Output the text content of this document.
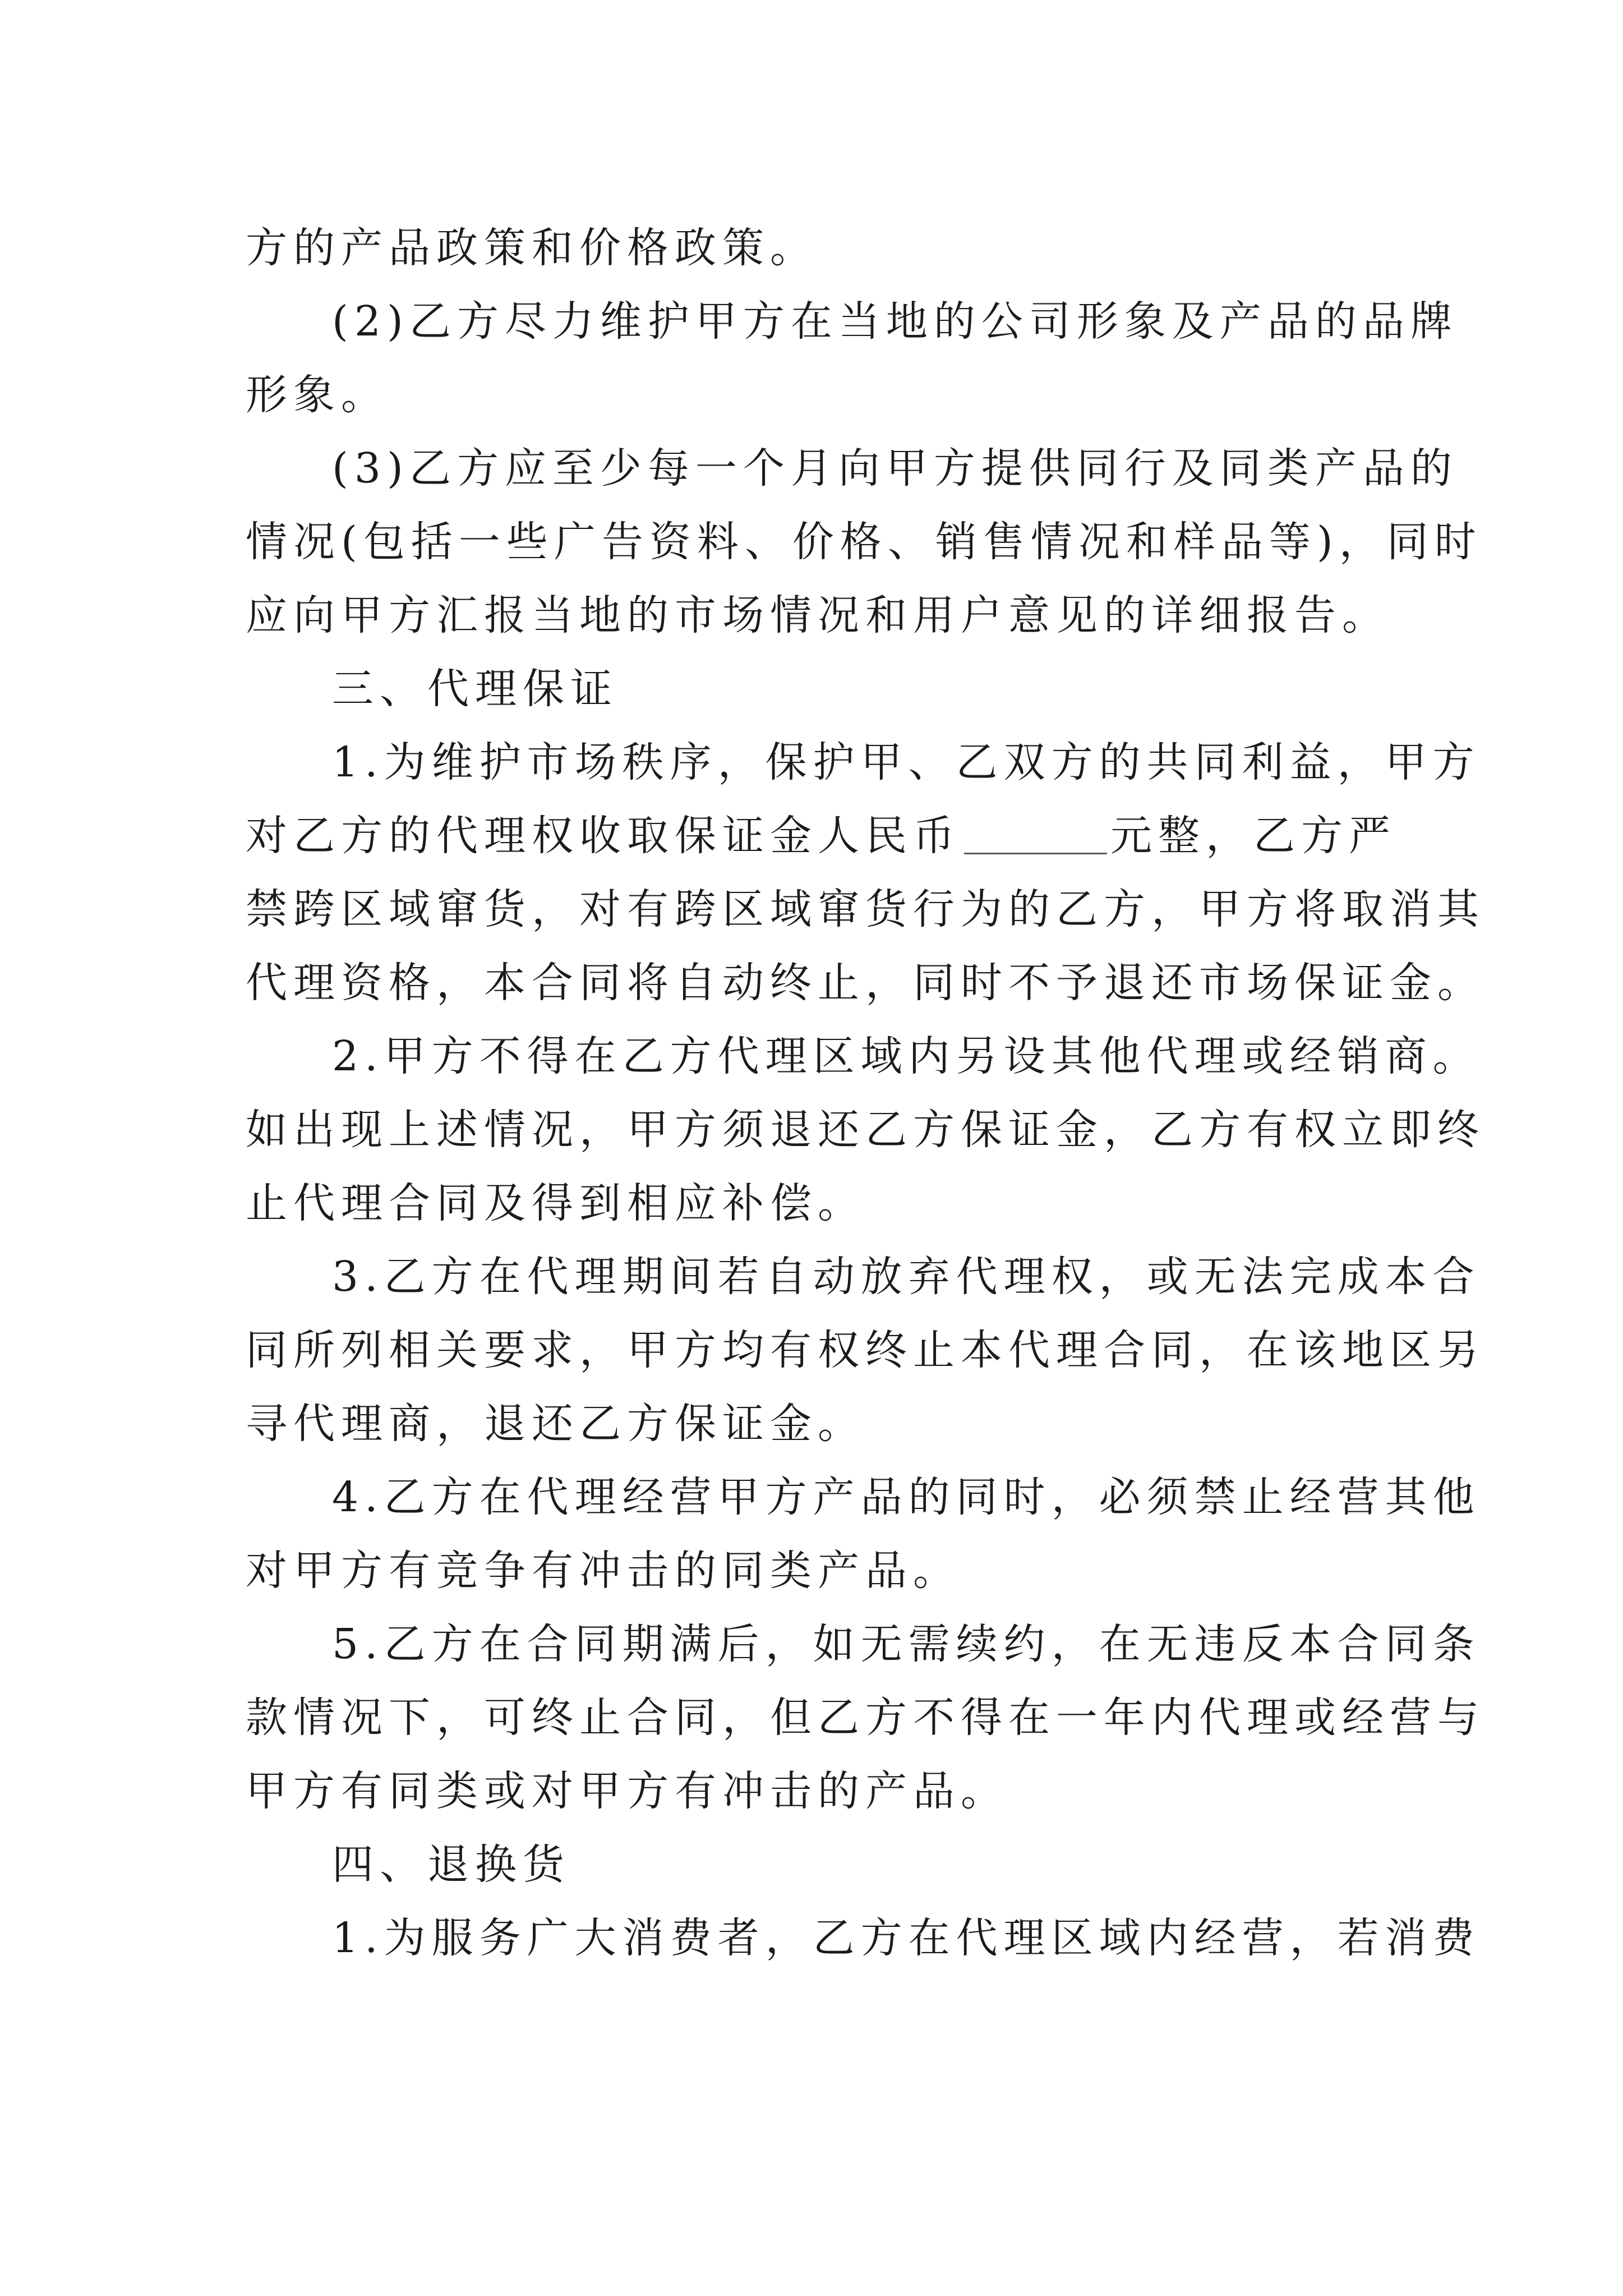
方的产品政策和价格政策。
(2)乙方尽力维护甲方在当地的公司形象及产品的品牌
形象。
(3)乙方应至少每一个月向甲方提供同行及同类产品的
情况(包括一些广告资料、价格、销售情况和样品等)，同时
应向甲方汇报当地的市场情况和用户意见的详细报告。
三、代理保证
1.为维护市场秩序，保护甲、乙双方的共同利益，甲方
对乙方的代理权收取保证金人民币	元整，乙方严
禁跨区域窜货，对有跨区域窜货行为的乙方，甲方将取消其
代理资格，本合同将自动终止，同时不予退还市场保证金。
2.甲方不得在乙方代理区域内另设其他代理或经销商。
如出现上述情况，甲方须退还乙方保证金，乙方有权立即终
止代理合同及得到相应补偿。
3.乙方在代理期间若自动放弃代理权，或无法完成本合
同所列相关要求，甲方均有权终止本代理合同，在该地区另
寻代理商，退还乙方保证金。
4.乙方在代理经营甲方产品的同时，必须禁止经营其他
对甲方有竞争有冲击的同类产品。
5.乙方在合同期满后，如无需续约，在无违反本合同条
款情况下，可终止合同，但乙方不得在一年内代理或经营与
甲方有同类或对甲方有冲击的产品。
四、退换货
1.为服务广大消费者，乙方在代理区域内经营，若消费
